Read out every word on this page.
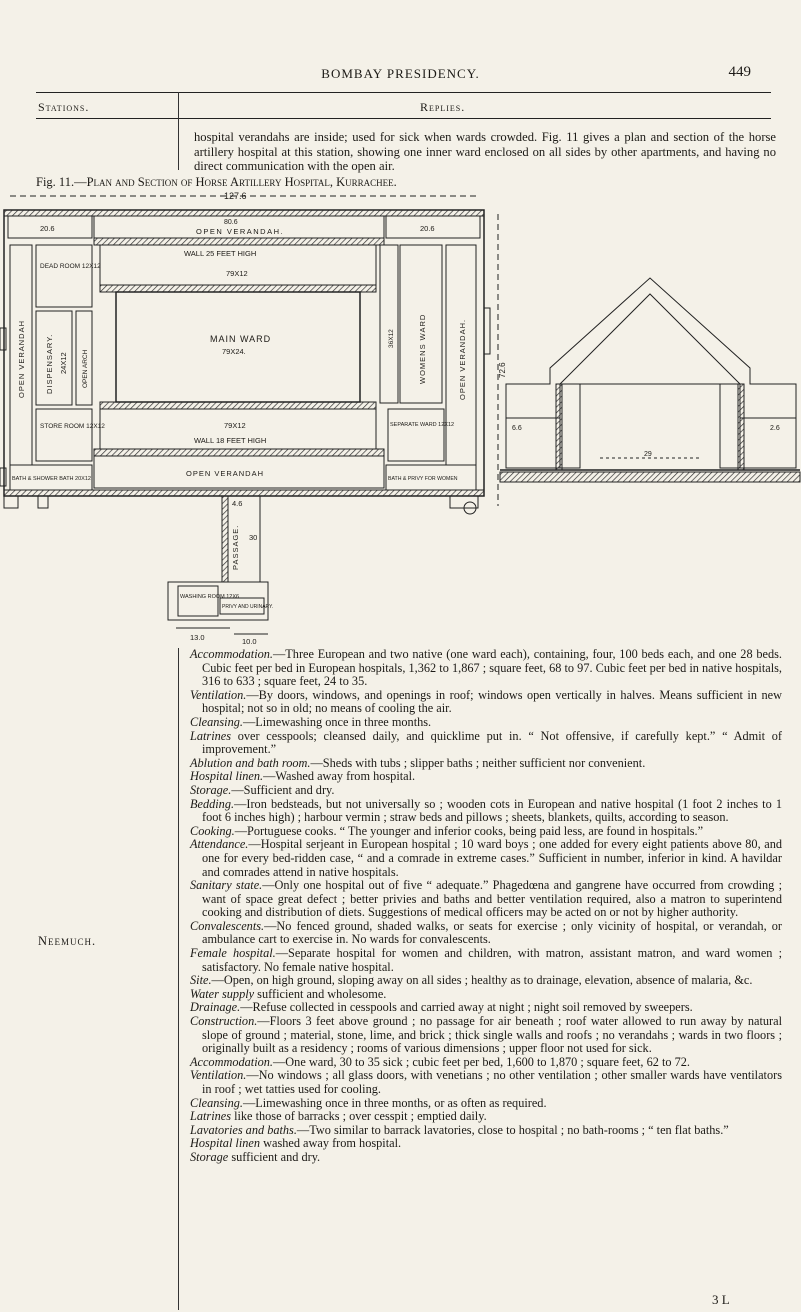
BOMBAY PRESIDENCY.	449
Stations.	Replies.
hospital verandahs are inside; used for sick when wards crowded. Fig. 11 gives a plan and section of the horse artillery hospital at this station, showing one inner ward enclosed on all sides by other apartments, and having no direct communication with the open air.
Fig. 11.—Plan and Section of Horse Artillery Hospital, Kurrachee.
127.6
80.6
OPEN VERANDAH.
20.6	20.6
WALL 25 FEET HIGH
79X12
MAIN WARD
79X24.
79X12
WALL 18 FEET HIGH
OPEN VERANDAH
DEAD ROOM 12X12
STORE ROOM 12X12
BATH & SHOWER BATH 20X12
SEPARATE WARD 12X12
BATH & PRIVY FOR WOMEN
30
WASHING ROOM 12X6
PRIVY AND URINARY.
13.0	10.0
4.6
OPEN VERANDAH	DISPENSARY. 24X12 OPEN ARCH
36X12	WOMENS WARD	OPEN VERANDAH.	72.6
PASSAGE.
29
6.6	2.6

Accommodation.—Three European and two native (one ward each), containing, four, 100 beds each, and one 28 beds. Cubic feet per bed in European hospitals, 1,362 to 1,867 ; square feet, 68 to 97. Cubic feet per bed in native hospitals, 316 to 633 ; square feet, 24 to 35.

Ventilation.—By doors, windows, and openings in roof; windows open vertically in halves. Means sufficient in new hospital; not so in old; no means of cooling the air.

Cleansing.—Limewashing once in three months.

Latrines over cesspools; cleansed daily, and quicklime put in. “ Not offensive, if carefully kept.” “ Admit of improvement.”

Ablution and bath room.—Sheds with tubs ; slipper baths ; neither sufficient nor convenient.

Hospital linen.—Washed away from hospital.

Storage.—Sufficient and dry.

Bedding.—Iron bedsteads, but not universally so ; wooden cots in European and native hospital (1 foot 2 inches to 1 foot 6 inches high) ; harbour vermin ; straw beds and pillows ; sheets, blankets, quilts, according to season.

Cooking.—Portuguese cooks. “ The younger and inferior cooks, being paid less, are found in hospitals.”

Attendance.—Hospital serjeant in European hospital ; 10 ward boys ; one added for every eight patients above 80, and one for every bed-ridden case, “ and a comrade in extreme cases.” Sufficient in number, inferior in kind. A havildar and comrades attend in native hospitals.

Sanitary state.—Only one hospital out of five “ adequate.” Phagedœna and gangrene have occurred from crowding ; want of space great defect ; better privies and baths and better ventilation required, also a matron to superintend cooking and distribution of diets. Suggestions of medical officers may be acted on or not by higher authority.

Convalescents.—No fenced ground, shaded walks, or seats for exercise ; only vicinity of hospital, or verandah, or ambulance cart to exercise in. No wards for convalescents.

Female hospital.—Separate hospital for women and children, with matron, assistant matron, and ward women ; satisfactory. No female native hospital.

Site.—Open, on high ground, sloping away on all sides ; healthy as to drainage, elevation, absence of malaria, &c.

Water supply sufficient and wholesome.

Drainage.—Refuse collected in cesspools and carried away at night ; night soil removed by sweepers.

Construction.—Floors 3 feet above ground ; no passage for air beneath ; roof water allowed to run away by natural slope of ground ; material, stone, lime, and brick ; thick single walls and roofs ; no verandahs ; wards in two floors ; originally built as a residency ; rooms of various dimensions ; upper floor not used for sick.

Accommodation.—One ward, 30 to 35 sick ; cubic feet per bed, 1,600 to 1,870 ; square feet, 62 to 72.

Ventilation.—No windows ; all glass doors, with venetians ; no other ventilation ; other smaller wards have ventilators in roof ; wet tatties used for cooling.

Cleansing.—Limewashing once in three months, or as often as required.

Latrines like those of barracks ; over cesspit ; emptied daily.

Lavatories and baths.—Two similar to barrack lavatories, close to hospital ; no bath-rooms ; “ ten flat baths.”

Hospital linen washed away from hospital.

Storage sufficient and dry.

Neemuch.
3 L
